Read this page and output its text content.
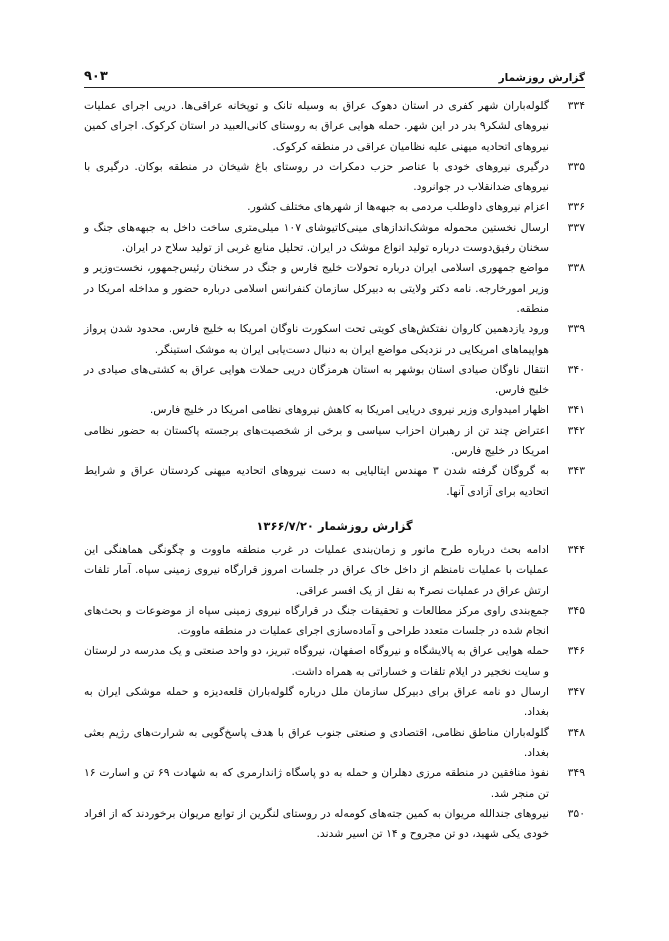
گزارش روزشمار
۹۰۳
۳۳۴
گلوله‌باران شهر کفری در استان دهوک عراق به وسیله تانک و توپخانه عراقی‌ها. دریی اجرای عملیات نیروهای لشکر۹ بدر در این شهر. حمله هوایی عراق به روستای کانی‌العبید در استان کرکوک. اجرای کمین نیروهای اتحادیه میهنی علیه نظامیان عراقی در منطقه کرکوک.
۳۳۵
درگیری نیروهای خودی با عناصر حزب دمکرات در روستای باغ شیخان در منطقه بوکان. درگیری با نیروهای ضدانقلاب در جوانرود.
۳۳۶
اعزام نیروهای داوطلب مردمی به جبهه‌ها از شهرهای مختلف کشور.
۳۳۷
ارسال نخستین محموله موشک‌اندازهای مینی‌کاتیوشای ۱۰۷ میلی‌متری ساخت داخل به جبهه‌های جنگ و سخنان رفیق‌دوست درباره تولید انواع موشک در ایران. تحلیل منابع غربی از تولید سلاح در ایران.
۳۳۸
مواضع جمهوری اسلامی ایران درباره تحولات خلیج فارس و جنگ در سخنان رئیس‌جمهور، نخست‌وزیر و وزیر امورخارجه. نامه دکتر ولایتی به دبیرکل سازمان کنفرانس اسلامی درباره حضور و مداخله امریکا در منطقه.
۳۳۹
ورود یازدهمین کاروان نفتکش‌های کویتی تحت اسکورت ناوگان امریکا به خلیج فارس. محدود شدن پرواز هواپیماهای امریکایی در نزدیکی مواضع ایران به دنبال دست‌یابی ایران به موشک استینگر.
۳۴۰
انتقال ناوگان صیادی استان بوشهر به استان هرمزگان دریی حملات هوایی عراق به کشتی‌های صیادی در خلیج فارس.
۳۴۱
اظهار امیدواری وزیر نیروی دریایی امریکا به کاهش نیروهای نظامی امریکا در خلیج فارس.
۳۴۲
اعتراض چند تن از رهبران احزاب سیاسی و برخی از شخصیت‌های برجسته پاکستان به حضور نظامی امریکا در خلیج فارس.
۳۴۳
به گروگان گرفته شدن ۳ مهندس ایتالیایی به دست نیروهای اتحادیه میهنی کردستان عراق و شرایط اتحادیه برای آزادی آنها.
گزارش روزشمار ۱۳۶۶/۷/۲۰
۳۴۴
ادامه بحث درباره طرح مانور و زمان‌بندی عملیات در غرب منطقه ماووت و چگونگی هماهنگی این عملیات با عملیات نامنظم از داخل خاک عراق در جلسات امروز قرارگاه نیروی زمینی سپاه. آمار تلفات ارتش عراق در عملیات نصر۴ به نقل از یک افسر عراقی.
۳۴۵
جمع‌بندی راوی مرکز مطالعات و تحقیقات جنگ در قرارگاه نیروی زمینی سپاه از موضوعات و بحث‌های انجام شده در جلسات متعدد طراحی و آماده‌سازی اجرای عملیات در منطقه ماووت.
۳۴۶
حمله هوایی عراق به پالایشگاه و نیروگاه اصفهان، نیروگاه تبریز، دو واحد صنعتی و یک مدرسه در لرستان و سایت نخجیر در ایلام تلفات و خساراتی به همراه داشت.
۳۴۷
ارسال دو نامه عراق برای دبیرکل سازمان ملل درباره گلوله‌باران قلعه‌دیزه و حمله موشکی ایران به بغداد.
۳۴۸
گلوله‌باران مناطق نظامی، اقتصادی و صنعتی جنوب عراق با هدف پاسخ‌گویی به شرارت‌های رژیم بعثی بغداد.
۳۴۹
نفوذ منافقین در منطقه مرزی دهلران و حمله به دو پاسگاه ژاندارمری که به شهادت ۶۹ تن و اسارت ۱۶ تن منجر شد.
۳۵۰
نیروهای جندالله مریوان به کمین جته‌های کومه‌له در روستای لنگرین از توابع مریوان برخوردند که از افراد خودی یکی شهید، دو تن مجروح و ۱۴ تن اسیر شدند.
